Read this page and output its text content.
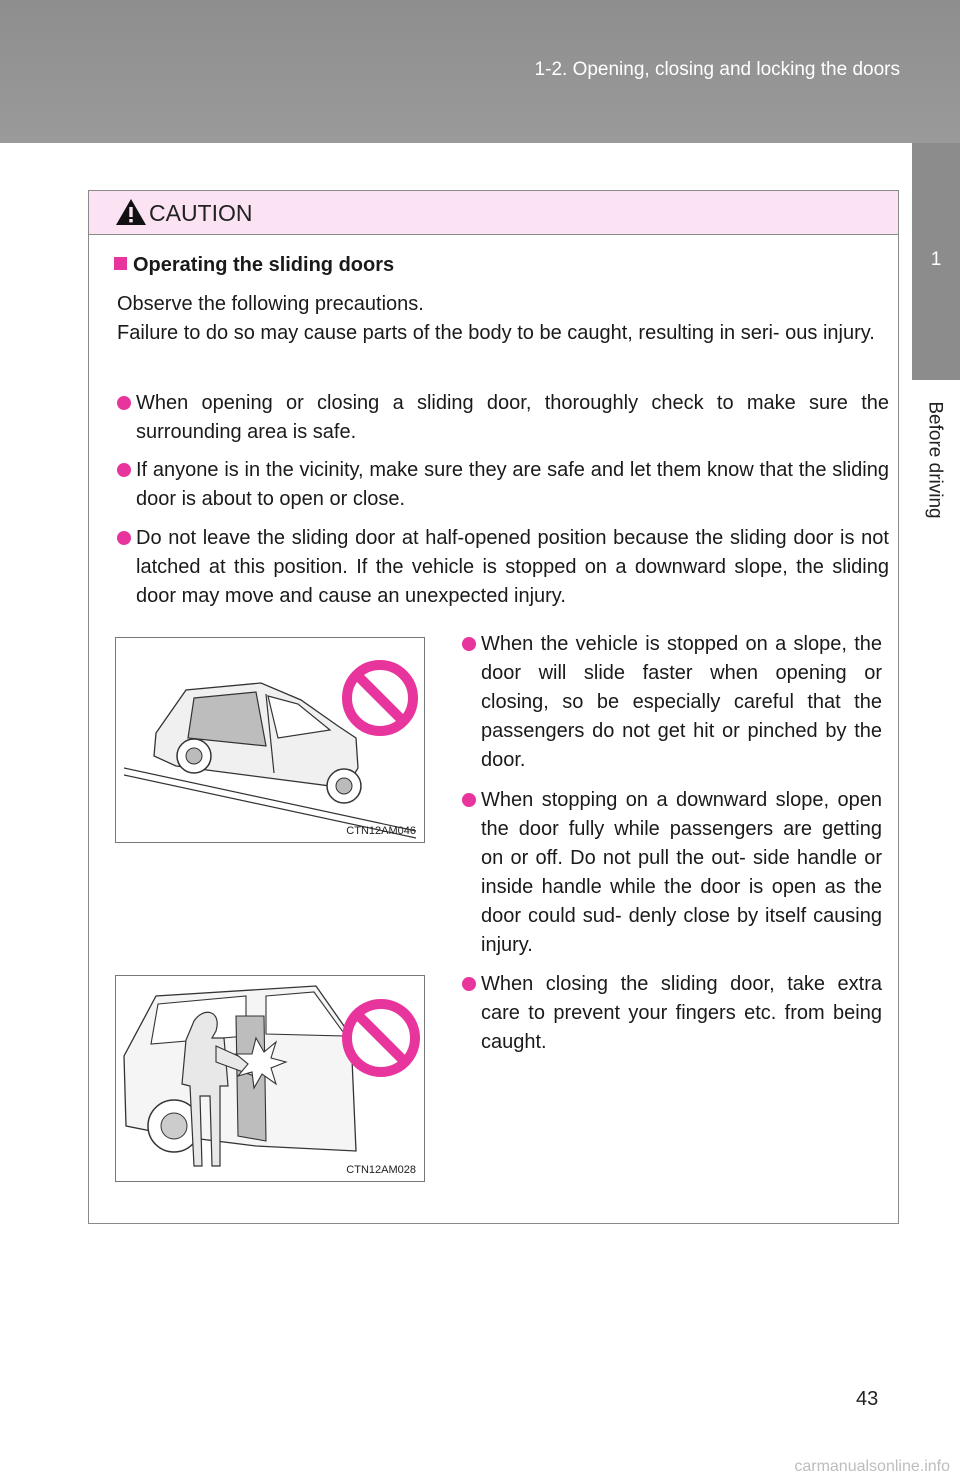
1-2. Opening, closing and locking the doors
1
Before driving
CAUTION
Operating the sliding doors
Observe the following precautions.
Failure to do so may cause parts of the body to be caught, resulting in seri- ous injury.
When opening or closing a sliding door, thoroughly check to make sure the surrounding area is safe.
If anyone is in the vicinity, make sure they are safe and let them know that the sliding door is about to open or close.
Do not leave the sliding door at half-opened position because the sliding door is not latched at this position. If the vehicle is stopped on a downward slope, the sliding door may move and cause an unexpected injury.
CTN12AM046
CTN12AM028
When the vehicle is stopped on a slope, the door will slide faster when opening or closing, so be especially careful that the passengers do not get hit or pinched by the door.
When stopping on a downward slope, open the door fully while passengers are getting on or off. Do not pull the out- side handle or inside handle while the door is open as the door could sud- denly close by itself causing injury.
When closing the sliding door, take extra care to prevent your fingers etc. from being caught.
43
carmanualsonline.info
